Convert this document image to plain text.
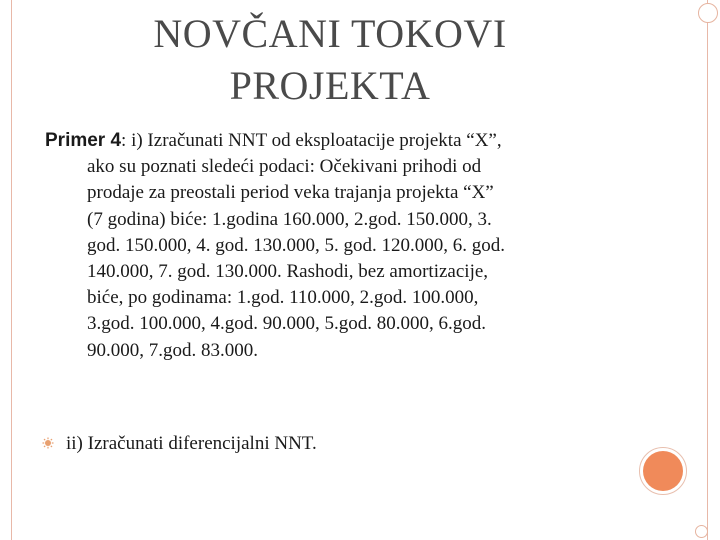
NOVČANI TOKOVI
PROJEKTA
Primer 4: i) Izračunati NNT od eksploatacije projekta “X”,
ako su poznati sledeći podaci: Očekivani prihodi od
prodaje za preostali period veka trajanja projekta “X”
(7 godina) biće: 1.godina 160.000, 2.god. 150.000, 3.
god. 150.000, 4. god. 130.000, 5. god. 120.000, 6. god.
140.000, 7. god. 130.000. Rashodi, bez amortizacije,
biće, po godinama: 1.god. 110.000, 2.god. 100.000,
3.god. 100.000, 4.god. 90.000, 5.god. 80.000, 6.god.
90.000, 7.god. 83.000.
ii) Izračunati diferencijalni NNT.
